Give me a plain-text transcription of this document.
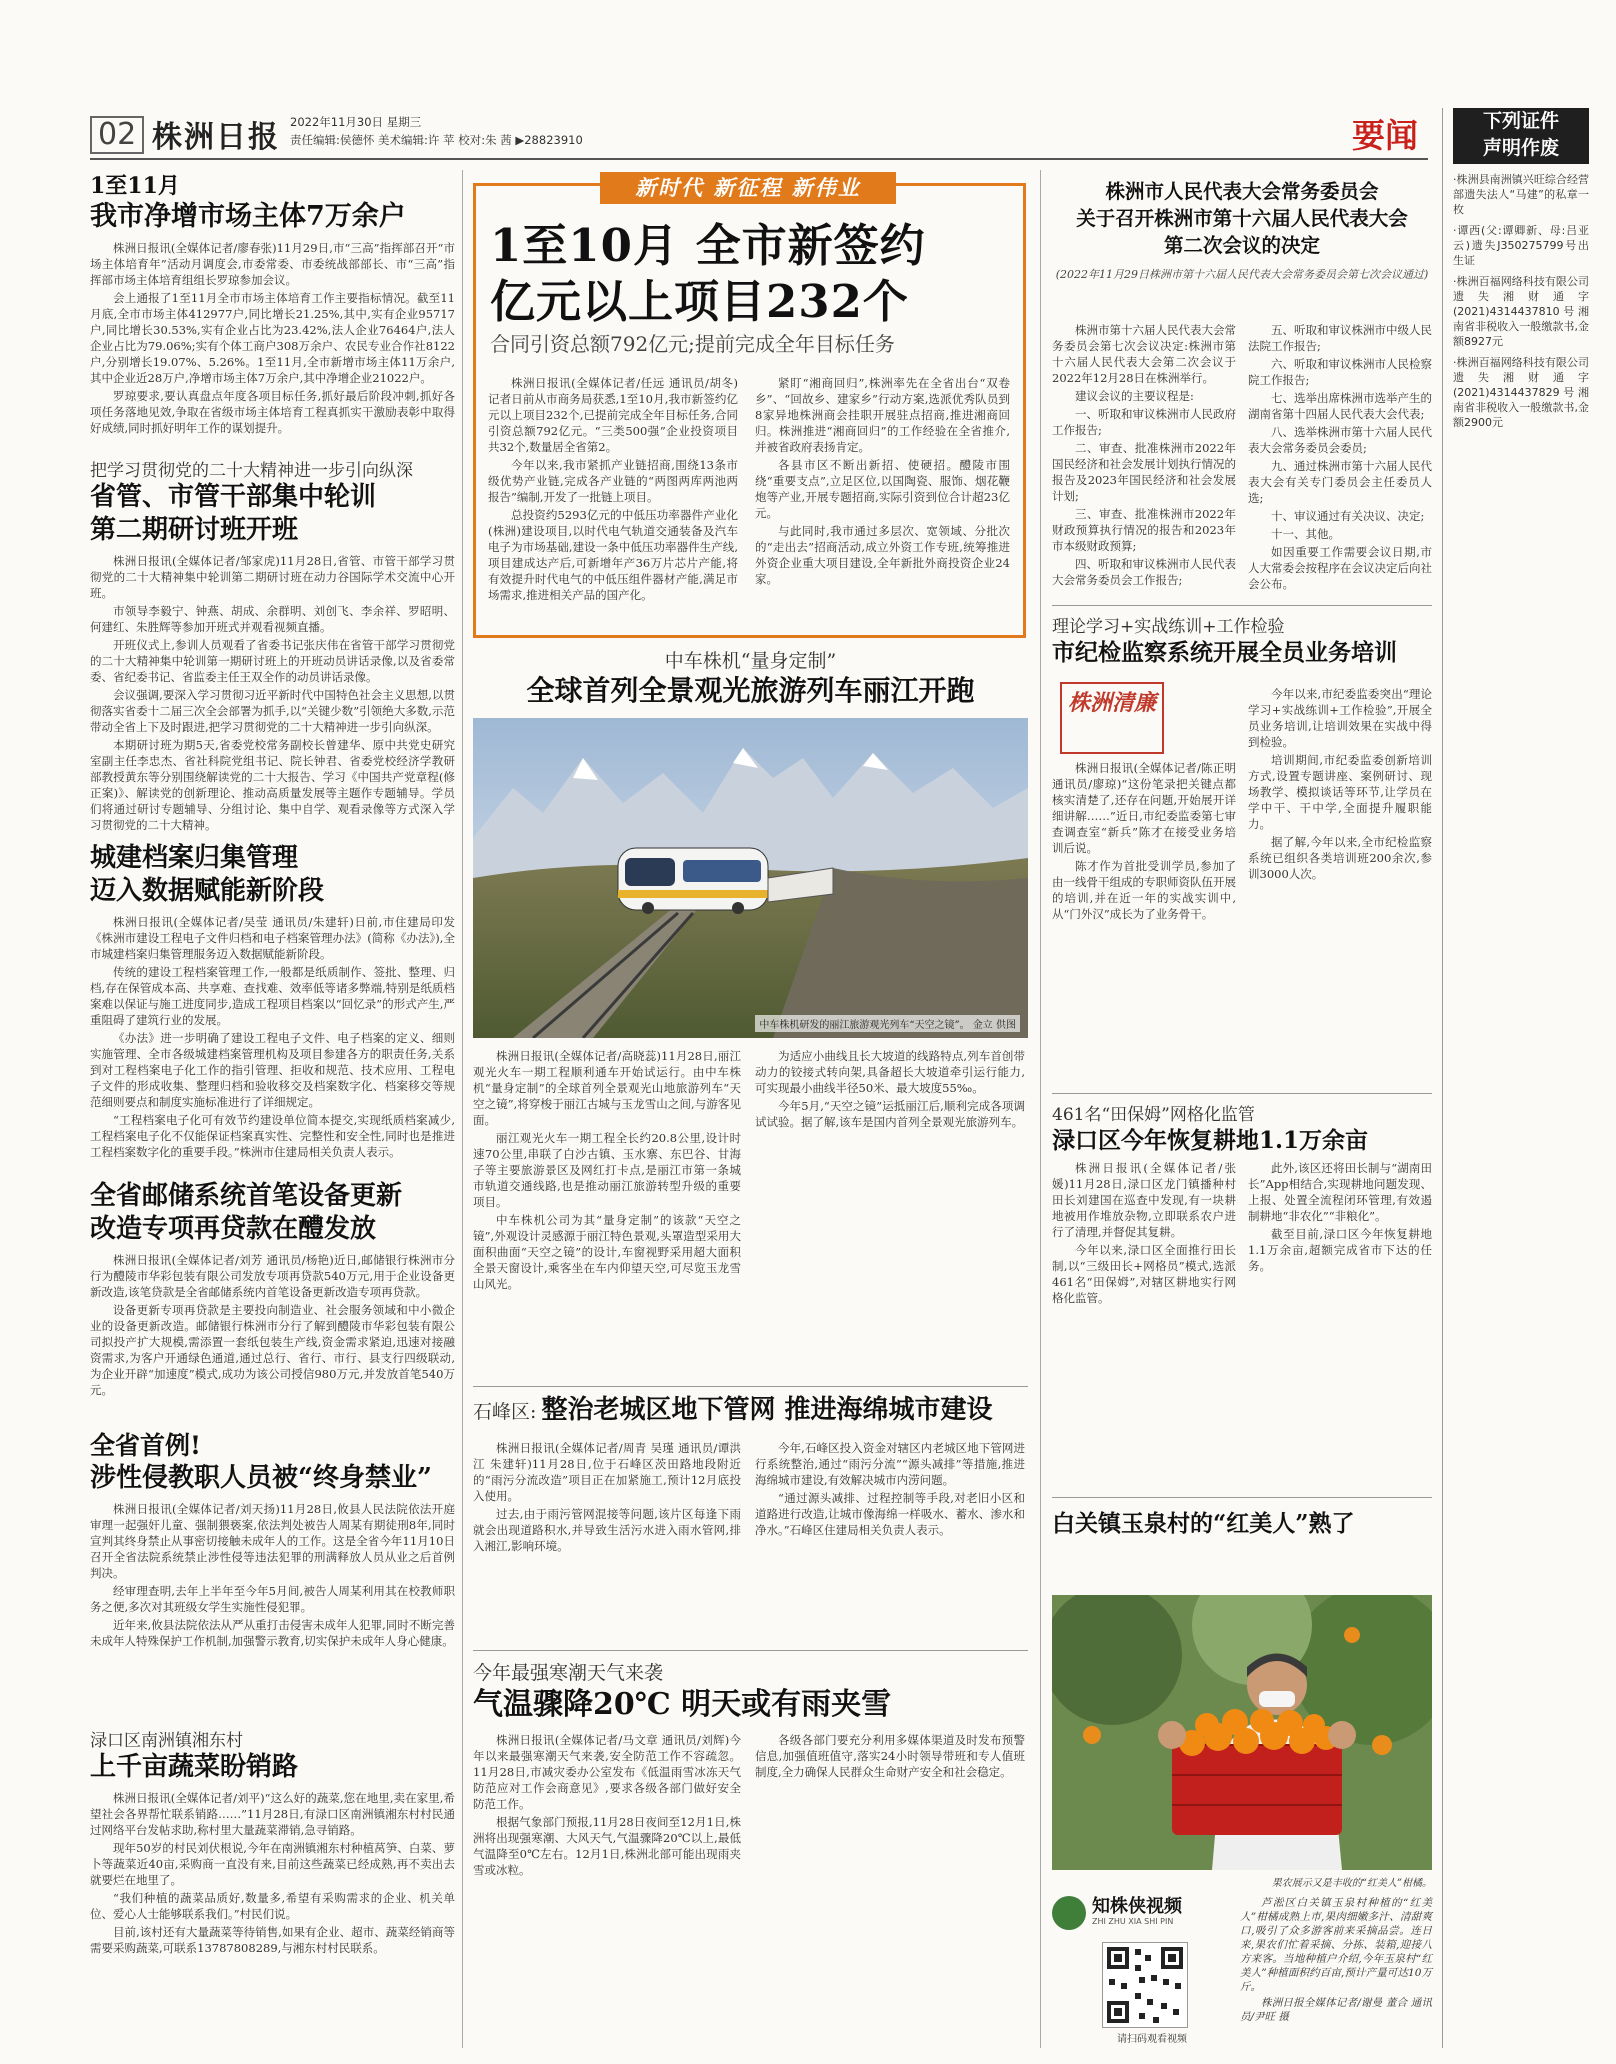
02 株洲日报 2022年11月30日 星期三
责任编辑:侯德怀 美术编辑:许 苹 校对:朱 茜 ▶28823910	要闻	下列证件
声明作废
·株洲县南洲镇兴旺综合经营部遗失法人“马建”的私章一枚
·谭西(父:谭卿新、母:吕亚云)遗失J350275799号出生证
·株洲百福网络科技有限公司遗失湘财通字(2021)4314437810号湘南省非税收入一般缴款书,金额8927元
·株洲百福网络科技有限公司遗失湘财通字(2021)4314437829号湘南省非税收入一般缴款书,金额2900元
1至11月
我市净增市场主体7万余户

株洲日报讯(全媒体记者/廖春张)11月29日,市“三高”指挥部召开“市场主体培育年”活动月调度会,市委常委、市委统战部部长、市“三高”指挥部市场主体培育组组长罗琼参加会议。

会上通报了1至11月全市市场主体培育工作主要指标情况。截至11月底,全市市场主体412977户,同比增长21.25%,其中,实有企业95717户,同比增长30.53%,实有企业占比为23.42%,法人企业76464户,法人企业占比为79.06%;实有个体工商户308万余户、农民专业合作社8122户,分别增长19.07%、5.26%。1至11月,全市新增市场主体11万余户,其中企业近28万户,净增市场主体7万余户,其中净增企业21022户。

罗琼要求,要认真盘点年度各项目标任务,抓好最后阶段冲刺,抓好各项任务落地见效,争取在省级市场主体培育工程真抓实干激励表彰中取得好成绩,同时抓好明年工作的谋划提升。

把学习贯彻党的二十大精神进一步引向纵深
省管、市管干部集中轮训
第二期研讨班开班

株洲日报讯(全媒体记者/邹家虎)11月28日,省管、市管干部学习贯彻党的二十大精神集中轮训第二期研讨班在动力谷国际学术交流中心开班。

市领导李毅宁、钟燕、胡成、余群明、刘创飞、李余祥、罗昭明、何建红、朱胜辉等参加开班式并观看视频直播。

开班仪式上,参训人员观看了省委书记张庆伟在省管干部学习贯彻党的二十大精神集中轮训第一期研讨班上的开班动员讲话录像,以及省委常委、省纪委书记、省监委主任王双全作的动员讲话录像。

会议强调,要深入学习贯彻习近平新时代中国特色社会主义思想,以贯彻落实省委十二届三次全会部署为抓手,以“关键少数”引领绝大多数,示范带动全省上下及时跟进,把学习贯彻党的二十大精神进一步引向纵深。

本期研讨班为期5天,省委党校常务副校长曾建华、原中共党史研究室副主任李忠杰、省社科院党组书记、院长钟君、省委党校经济学教研部教授黄东等分别围绕解读党的二十大报告、学习《中国共产党章程(修正案)》、解读党的创新理论、推动高质量发展等主题作专题辅导。学员们将通过研讨专题辅导、分组讨论、集中自学、观看录像等方式深入学习贯彻党的二十大精神。

城建档案归集管理
迈入数据赋能新阶段

株洲日报讯(全媒体记者/吴莹 通讯员/朱建轩)日前,市住建局印发《株洲市建设工程电子文件归档和电子档案管理办法》(简称《办法》),全市城建档案归集管理服务迈入数据赋能新阶段。

传统的建设工程档案管理工作,一般都是纸质制作、签批、整理、归档,存在保管成本高、共享难、查找难、效率低等诸多弊端,特别是纸质档案难以保证与施工进度同步,造成工程项目档案以“回忆录”的形式产生,严重阻碍了建筑行业的发展。

《办法》进一步明确了建设工程电子文件、电子档案的定义、细则实施管理、全市各级城建档案管理机构及项目参建各方的职责任务,关系到对工程档案电子化工作的指引管理、拒收和规范、技术应用、工程电子文件的形成收集、整理归档和验收移交及档案数字化、档案移交等规范细则要点和制度实施标准进行了详细规定。

“工程档案电子化可有效节约建设单位简本提交,实现纸质档案减少,工程档案电子化不仅能保证档案真实性、完整性和安全性,同时也是推进工程档案数字化的重要手段。”株洲市住建局相关负责人表示。

全省邮储系统首笔设备更新
改造专项再贷款在醴发放

株洲日报讯(全媒体记者/刘芳 通讯员/杨艳)近日,邮储银行株洲市分行为醴陵市华彩包装有限公司发放专项再贷款540万元,用于企业设备更新改造,该笔贷款是全省邮储系统内首笔设备更新改造专项再贷款。

设备更新专项再贷款是主要投向制造业、社会服务领域和中小微企业的设备更新改造。邮储银行株洲市分行了解到醴陵市华彩包装有限公司拟投产扩大规模,需添置一套纸包装生产线,资金需求紧迫,迅速对接融资需求,为客户开通绿色通道,通过总行、省行、市行、县支行四级联动,为企业开辟“加速度”模式,成功为该公司授信980万元,并发放首笔540万元。

全省首例!
涉性侵教职人员被“终身禁业”

株洲日报讯(全媒体记者/刘天扬)11月28日,攸县人民法院依法开庭审理一起强奸儿童、强制猥亵案,依法判处被告人周某有期徒刑8年,同时宣判其终身禁止从事密切接触未成年人的工作。这是全省今年11月10日召开全省法院系统禁止涉性侵等违法犯罪的刑满释放人员从业之后首例判决。

经审理查明,去年上半年至今年5月间,被告人周某利用其在校教师职务之便,多次对其班级女学生实施性侵犯罪。

近年来,攸县法院依法从严从重打击侵害未成年人犯罪,同时不断完善未成年人特殊保护工作机制,加强警示教育,切实保护未成年人身心健康。

渌口区南洲镇湘东村
上千亩蔬菜盼销路

株洲日报讯(全媒体记者/刘平)“这么好的蔬菜,您在地里,卖在家里,希望社会各界帮忙联系销路……”11月28日,有渌口区南洲镇湘东村村民通过网络平台发帖求助,称村里大量蔬菜滞销,急寻销路。

现年50岁的村民刘伏根说,今年在南洲镇湘东村种植莴笋、白菜、萝卜等蔬菜近40亩,采购商一直没有来,目前这些蔬菜已经成熟,再不卖出去就要烂在地里了。

“我们种植的蔬菜品质好,数量多,希望有采购需求的企业、机关单位、爱心人士能够联系我们。”村民们说。

目前,该村还有大量蔬菜等待销售,如果有企业、超市、蔬菜经销商等需要采购蔬菜,可联系13787808289,与湘东村村民联系。

新时代 新征程 新伟业
1至10月 全市新签约
亿元以上项目232个
合同引资总额792亿元;提前完成全年目标任务

株洲日报讯(全媒体记者/任远 通讯员/胡冬)记者日前从市商务局获悉,1至10月,我市新签约亿元以上项目232个,已提前完成全年目标任务,合同引资总额792亿元。“三类500强”企业投资项目共32个,数量居全省第2。

今年以来,我市紧抓产业链招商,围绕13条市级优势产业链,完成各产业链的“两图两库两池两报告”编制,开发了一批链上项目。

总投资约5293亿元的中低压功率器件产业化(株洲)建设项目,以时代电气轨道交通装备及汽车电子为市场基础,建设一条中低压功率器件生产线,项目建成达产后,可新增年产36万片芯片产能,将有效提升时代电气的中低压组件器材产能,满足市场需求,推进相关产品的国产化。

紧盯“湘商回归”,株洲率先在全省出台“双卷乡”、“回故乡、建家乡”行动方案,选派优秀队员到8家异地株洲商会挂职开展驻点招商,推进湘商回归。株洲推进“湘商回归”的工作经验在全省推介,并被省政府表扬肯定。

各县市区不断出新招、使硬招。醴陵市围绕“重要支点”,立足区位,以国陶瓷、服饰、烟花鞭炮等产业,开展专题招商,实际引资到位合计超23亿元。

与此同时,我市通过多层次、宽领域、分批次的“走出去”招商活动,成立外资工作专班,统筹推进外资企业重大项目建设,全年新批外商投资企业24家。

中车株机“量身定制”
全球首列全景观光旅游列车丽江开跑
中车株机研发的丽江旅游观光列车“天空之镜”。 金立 供图

株洲日报讯(全媒体记者/高晓蕊)11月28日,丽江观光火车一期工程顺利通车开始试运行。由中车株机“量身定制”的全球首列全景观光山地旅游列车“天空之镜”,将穿梭于丽江古城与玉龙雪山之间,与游客见面。

丽江观光火车一期工程全长约20.8公里,设计时速70公里,串联了白沙古镇、玉水寨、东巴谷、甘海子等主要旅游景区及网红打卡点,是丽江市第一条城市轨道交通线路,也是推动丽江旅游转型升级的重要项目。

中车株机公司为其“量身定制”的该款“天空之镜”,外观设计灵感源于丽江特色景观,头罩造型采用大面积曲面“天空之镜”的设计,车窗视野采用超大面积全景天窗设计,乘客坐在车内仰望天空,可尽览玉龙雪山风光。

为适应小曲线且长大坡道的线路特点,列车首创带动力的铰接式转向架,具备超长大坡道牵引运行能力,可实现最小曲线半径50米、最大坡度55‰。

今年5月,“天空之镜”运抵丽江后,顺利完成各项调试试验。据了解,该车是国内首列全景观光旅游列车。

石峰区: 整治老城区地下管网 推进海绵城市建设

株洲日报讯(全媒体记者/周青 吴瑾 通讯员/谭洪江 朱建轩)11月28日,位于石峰区茨田路地段附近的“雨污分流改造”项目正在加紧施工,预计12月底投入使用。

过去,由于雨污管网混接等问题,该片区每逢下雨就会出现道路积水,并导致生活污水进入雨水管网,排入湘江,影响环境。

今年,石峰区投入资金对辖区内老城区地下管网进行系统整治,通过“雨污分流”“源头减排”等措施,推进海绵城市建设,有效解决城市内涝问题。

“通过源头减排、过程控制等手段,对老旧小区和道路进行改造,让城市像海绵一样吸水、蓄水、渗水和净水。”石峰区住建局相关负责人表示。

今年最强寒潮天气来袭
气温骤降20℃ 明天或有雨夹雪

株洲日报讯(全媒体记者/马文章 通讯员/刘辉)今年以来最强寒潮天气来袭,安全防范工作不容疏忽。11月28日,市减灾委办公室发布《低温雨雪冰冻天气防范应对工作会商意见》,要求各级各部门做好安全防范工作。

根据气象部门预报,11月28日夜间至12月1日,株洲将出现强寒潮、大风天气,气温骤降20℃以上,最低气温降至0℃左右。12月1日,株洲北部可能出现雨夹雪或冰粒。

各级各部门要充分利用多媒体渠道及时发布预警信息,加强值班值守,落实24小时领导带班和专人值班制度,全力确保人民群众生命财产安全和社会稳定。

株洲市人民代表大会常务委员会
关于召开株洲市第十六届人民代表大会
第二次会议的决定
(2022年11月29日株洲市第十六届人民代表大会常务委员会第七次会议通过)

株洲市第十六届人民代表大会常务委员会第七次会议决定:株洲市第十六届人民代表大会第二次会议于2022年12月28日在株洲举行。

建议会议的主要议程是:

一、听取和审议株洲市人民政府工作报告;

二、审查、批准株洲市2022年国民经济和社会发展计划执行情况的报告及2023年国民经济和社会发展计划;

三、审查、批准株洲市2022年财政预算执行情况的报告和2023年市本级财政预算;

四、听取和审议株洲市人民代表大会常务委员会工作报告;

五、听取和审议株洲市中级人民法院工作报告;

六、听取和审议株洲市人民检察院工作报告;

七、选举出席株洲市选举产生的湖南省第十四届人民代表大会代表;

八、选举株洲市第十六届人民代表大会常务委员会委员;

九、通过株洲市第十六届人民代表大会有关专门委员会主任委员人选;

十、审议通过有关决议、决定;

十一、其他。

如因重要工作需要会议日期,市人大常委会按程序在会议决定后向社会公布。

理论学习+实战练训+工作检验
市纪检监察系统开展全员业务培训
株洲清廉

株洲日报讯(全媒体记者/陈正明 通讯员/廖琼)“这份笔录把关键点都核实清楚了,还存在问题,开始展开详细讲解……”近日,市纪委监委第七审查调查室“新兵”陈才在接受业务培训后说。

陈才作为首批受训学员,参加了由一线骨干组成的专职师资队伍开展的培训,并在近一年的实战实训中,从“门外汉”成长为了业务骨干。

今年以来,市纪委监委突出“理论学习+实战练训+工作检验”,开展全员业务培训,让培训效果在实战中得到检验。

培训期间,市纪委监委创新培训方式,设置专题讲座、案例研讨、现场教学、模拟谈话等环节,让学员在学中干、干中学,全面提升履职能力。

据了解,今年以来,全市纪检监察系统已组织各类培训班200余次,参训3000人次。

461名“田保姆”网格化监管
渌口区今年恢复耕地1.1万余亩

株洲日报讯(全媒体记者/张媛)11月28日,渌口区龙门镇播种村田长刘建国在巡查中发现,有一块耕地被用作堆放杂物,立即联系农户进行了清理,并督促其复耕。

今年以来,渌口区全面推行田长制,以“三级田长+网格员”模式,选派461名“田保姆”,对辖区耕地实行网格化监管。

此外,该区还将田长制与“湖南田长”App相结合,实现耕地问题发现、上报、处置全流程闭环管理,有效遏制耕地“非农化”“非粮化”。

截至目前,渌口区今年恢复耕地1.1万余亩,超额完成省市下达的任务。

白关镇玉泉村的“红美人”熟了
果农展示又是丰收的“红美人”柑橘。
知株侠视频
ZHI ZHU XIA SHI PIN
请扫码观看视频

芦淞区白关镇玉泉村种植的“红美人”柑橘成熟上市,果肉细嫩多汁、清甜爽口,吸引了众多游客前来采摘品尝。连日来,果农们忙着采摘、分拣、装箱,迎接八方来客。当地种植户介绍,今年玉泉村“红美人”种植面积约百亩,预计产量可达10万斤。

株洲日报全媒体记者/谢曼 董合 通讯员/尹旺 摄
